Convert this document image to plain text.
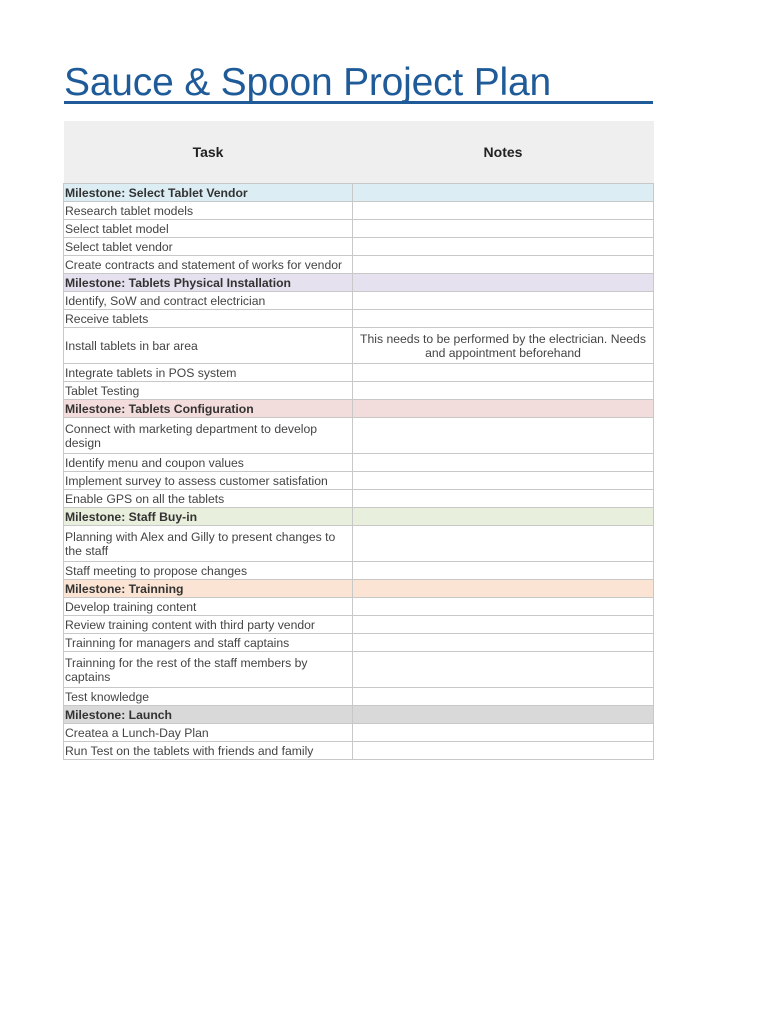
Sauce & Spoon Project Plan
Task	Notes
Milestone: Select Tablet Vendor	
Research tablet models	
Select tablet model	
Select tablet vendor	
Create contracts and statement of works for vendor	
Milestone: Tablets Physical Installation	
Identify, SoW and contract electrician	
Receive tablets	
Install tablets in bar area	This needs to be performed by the electrician. Needs and appointment beforehand
Integrate tablets in POS system	
Tablet Testing	
Milestone: Tablets Configuration	
Connect with marketing department to develop design	
Identify menu and coupon values	
Implement survey to assess customer satisfation	
Enable GPS on all the tablets	
Milestone: Staff Buy-in	
Planning with Alex and Gilly to present changes to the staff	
Staff meeting to propose changes	
Milestone: Trainning	
Develop training content	
Review training content with third party vendor	
Trainning for managers and staff captains	
Trainning for the rest of the staff members by captains	
Test knowledge	
Milestone: Launch	
Createa a Lunch-Day Plan	
Run Test on the tablets with friends and family	
